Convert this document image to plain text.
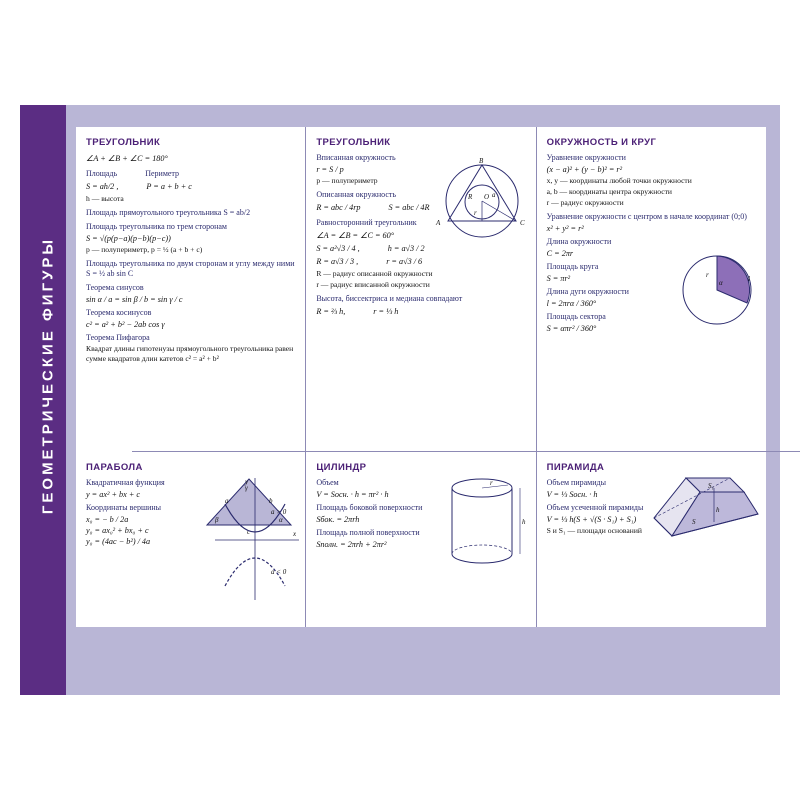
ГЕОМЕТРИЧЕСКИЕ ФИГУРЫ
ТРЕУГОЛЬНИК
∠A + ∠B + ∠C = 180°
Площадь	Периметр
S = ah/2 ,	P = a + b + c
h — высота
Площадь прямоугольного треугольника S = ab/2
Площадь треугольника по трем сторонам
S = √(p(p−a)(p−b)(p−c))
p — полупериметр, p = ½ (a + b + c)
Площадь треугольника по двум сторонам и углу между ними S = ½ ab sin C
Теорема синусов
sin α / a = sin β / b = sin γ / c
Теорема косинусов
c² = a² + b² − 2ab cos γ
Теорема Пифагора
Квадрат длины гипотенузы прямоугольного треугольника равен сумме квадратов длин катетов c² = a² + b²
a	b
c
γ
β	α
ТРЕУГОЛЬНИК
Вписанная окружность
r = S / p
p — полупериметр
Описанная окружность
R = abc / 4rp	S = abc / 4R
Равносторонний треугольник
∠A = ∠B = ∠C = 60°
S = a²√3 / 4 ,	h = a√3 / 2
R = a√3 / 3 ,	r = a√3 / 6
R — радиус описанной окружности
r — радиус вписанной окружности
Высота, биссектриса и медиана совпадают
R = ⅔ h,	r = ⅓ h
B
A	C
O a
R
r
ОКРУЖНОСТЬ И КРУГ
Уравнение окружности
(x − a)² + (y − b)² = r²
x, y — координаты любой точки окружности
a, b — координаты центра окружности
r — радиус окружности
Уравнение окружности с центром в начале координат (0;0)
x² + y² = r²
Длина окружности
C = 2πr
Площадь круга
S = πr²
Длина дуги окружности
l = 2πrα / 360°
Площадь сектора
S = απr² / 360°
r
α	l
ПАРАБОЛА
Квадратичная функция
y = ax² + bx + c
Координаты вершины
x₀ = − b / 2a
y₀ = ax₀² + bx₀ + c
y₀ = (4ac − b²) / 4a
y
x
a > 0
a < 0
ЦИЛИНДР
Объем
V = Sосн. · h = πr² · h
Площадь боковой поверхности
Sбок. = 2πrh
Площадь полной поверхности
Sполн. = 2πrh + 2πr²
r
h
ПИРАМИДА
Объем пирамиды
V = ⅓ Sосн. · h
Объем усеченной пирамиды
V = ⅓ h(S + √(S · S₁) + S₁)
S и S₁ — площади оснований
S₁
S
h
